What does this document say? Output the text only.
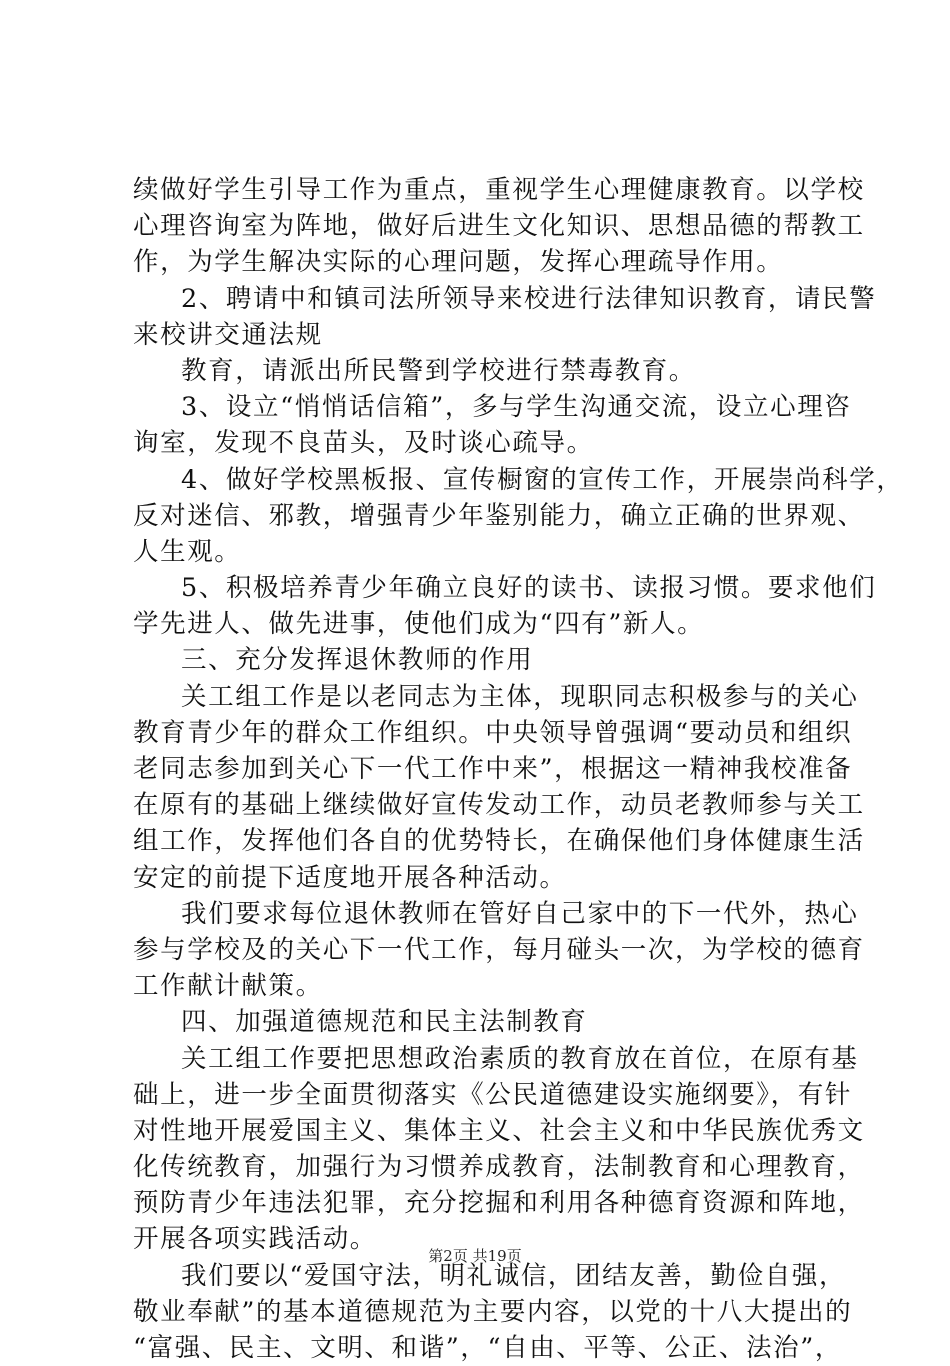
续做好学生引导工作为重点，重视学生心理健康教育。以学校
心理咨询室为阵地，做好后进生文化知识、思想品德的帮教工
作，为学生解决实际的心理问题，发挥心理疏导作用。
2、聘请中和镇司法所领导来校进行法律知识教育，请民警
来校讲交通法规
教育，请派出所民警到学校进行禁毒教育。
3、设立“悄悄话信箱”，多与学生沟通交流，设立心理咨
询室，发现不良苗头，及时谈心疏导。
4、做好学校黑板报、宣传橱窗的宣传工作，开展崇尚科学，
反对迷信、邪教，增强青少年鉴别能力，确立正确的世界观、
人生观。
5、积极培养青少年确立良好的读书、读报习惯。要求他们
学先进人、做先进事，使他们成为“四有”新人。
三、充分发挥退休教师的作用
关工组工作是以老同志为主体，现职同志积极参与的关心
教育青少年的群众工作组织。中央领导曾强调“要动员和组织
老同志参加到关心下一代工作中来”，根据这一精神我校准备
在原有的基础上继续做好宣传发动工作，动员老教师参与关工
组工作，发挥他们各自的优势特长，在确保他们身体健康生活
安定的前提下适度地开展各种活动。
我们要求每位退休教师在管好自己家中的下一代外，热心
参与学校及的关心下一代工作，每月碰头一次，为学校的德育
工作献计献策。
四、加强道德规范和民主法制教育
关工组工作要把思想政治素质的教育放在首位，在原有基
础上，进一步全面贯彻落实《公民道德建设实施纲要》，有针
对性地开展爱国主义、集体主义、社会主义和中华民族优秀文
化传统教育，加强行为习惯养成教育，法制教育和心理教育，
预防青少年违法犯罪，充分挖掘和利用各种德育资源和阵地，
开展各项实践活动。
我们要以“爱国守法，明礼诚信，团结友善，勤俭自强，
敬业奉献”的基本道德规范为主要内容，以党的十八大提出的
“富强、民主、文明、和谐”，“自由、平等、公正、法治”，
第2页 共19页
